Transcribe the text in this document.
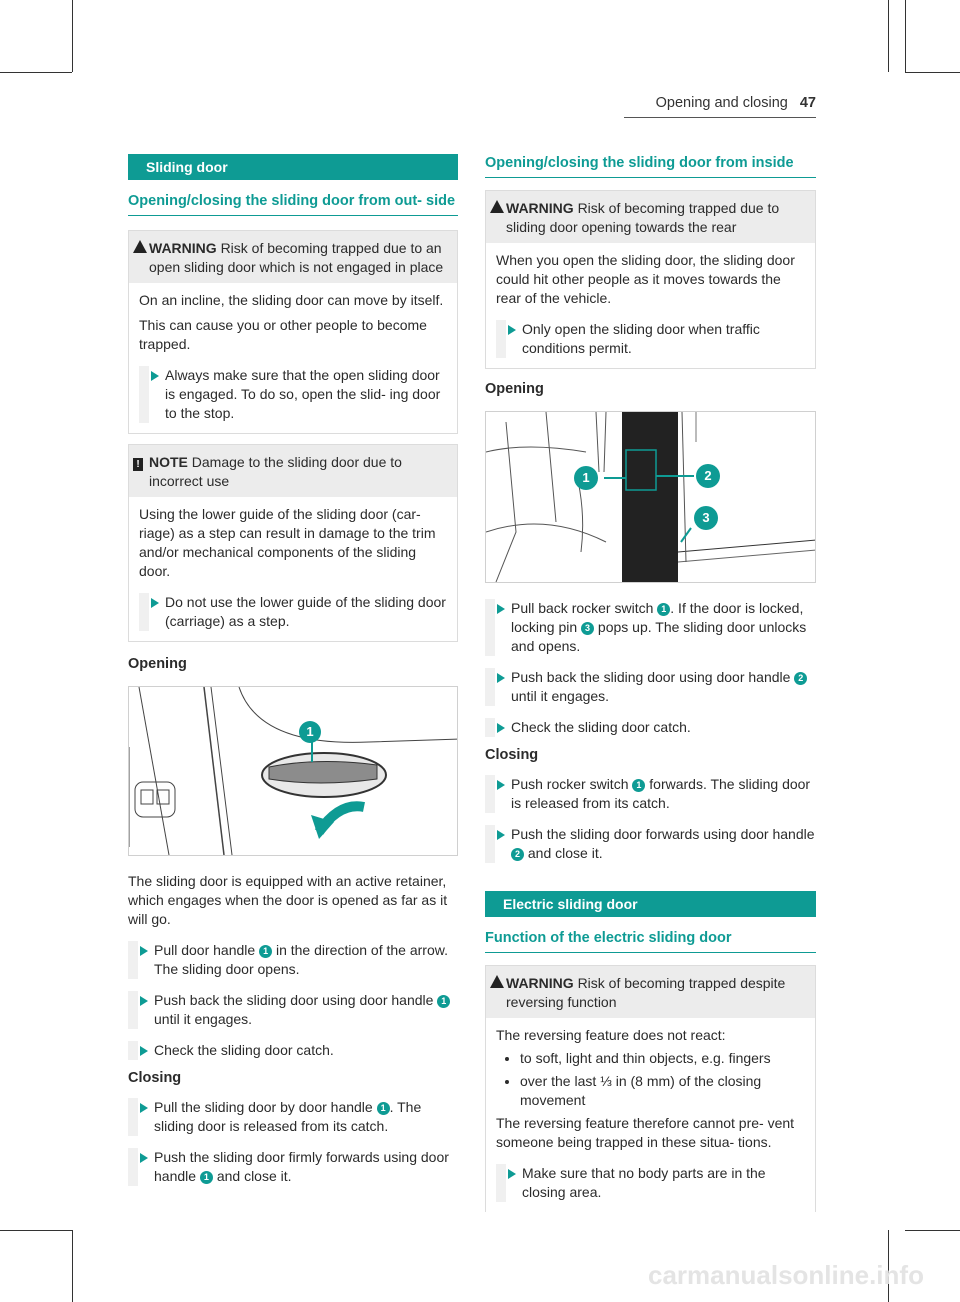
Opening and closing 47
Sliding door
Opening/closing the sliding door from out- side
WARNING Risk of becoming trapped due to an open sliding door which is not engaged in place

On an incline, the sliding door can move by itself.

This can cause you or other people to become trapped.

Always make sure that the open sliding door is engaged. To do so, open the slid- ing door to the stop.
! NOTE Damage to the sliding door due to incorrect use

Using the lower guide of the sliding door (car- riage) as a step can result in damage to the trim and/or mechanical components of the sliding door.

Do not use the lower guide of the sliding door (carriage) as a step.
Opening
1
The sliding door is equipped with an active retainer, which engages when the door is opened as far as it will go.
Pull door handle 1 in the direction of the arrow. The sliding door opens.
Push back the sliding door using door handle 1 until it engages.
Check the sliding door catch.
Closing
Pull the sliding door by door handle 1 . The sliding door is released from its catch.
Push the sliding door firmly forwards using door handle 1 and close it.
Opening/closing the sliding door from inside
WARNING Risk of becoming trapped due to sliding door opening towards the rear

When you open the sliding door, the sliding door could hit other people as it moves towards the rear of the vehicle.

Only open the sliding door when traffic conditions permit.
Opening
1	2
3
Pull back rocker switch 1 . If the door is locked, locking pin 3 pops up. The sliding door unlocks and opens.
Push back the sliding door using door handle 2 until it engages.
Check the sliding door catch.
Closing
Push rocker switch 1 forwards. The sliding door is released from its catch.
Push the sliding door forwards using door handle 2 and close it.
Electric sliding door
Function of the electric sliding door
WARNING Risk of becoming trapped despite reversing function

The reversing feature does not react:

• to soft, light and thin objects, e.g. fingers
• over the last ⅓ in (8 mm) of the closing movement

The reversing feature therefore cannot pre- vent someone being trapped in these situa- tions.

Make sure that no body parts are in the closing area.
carmanualsonline.info
